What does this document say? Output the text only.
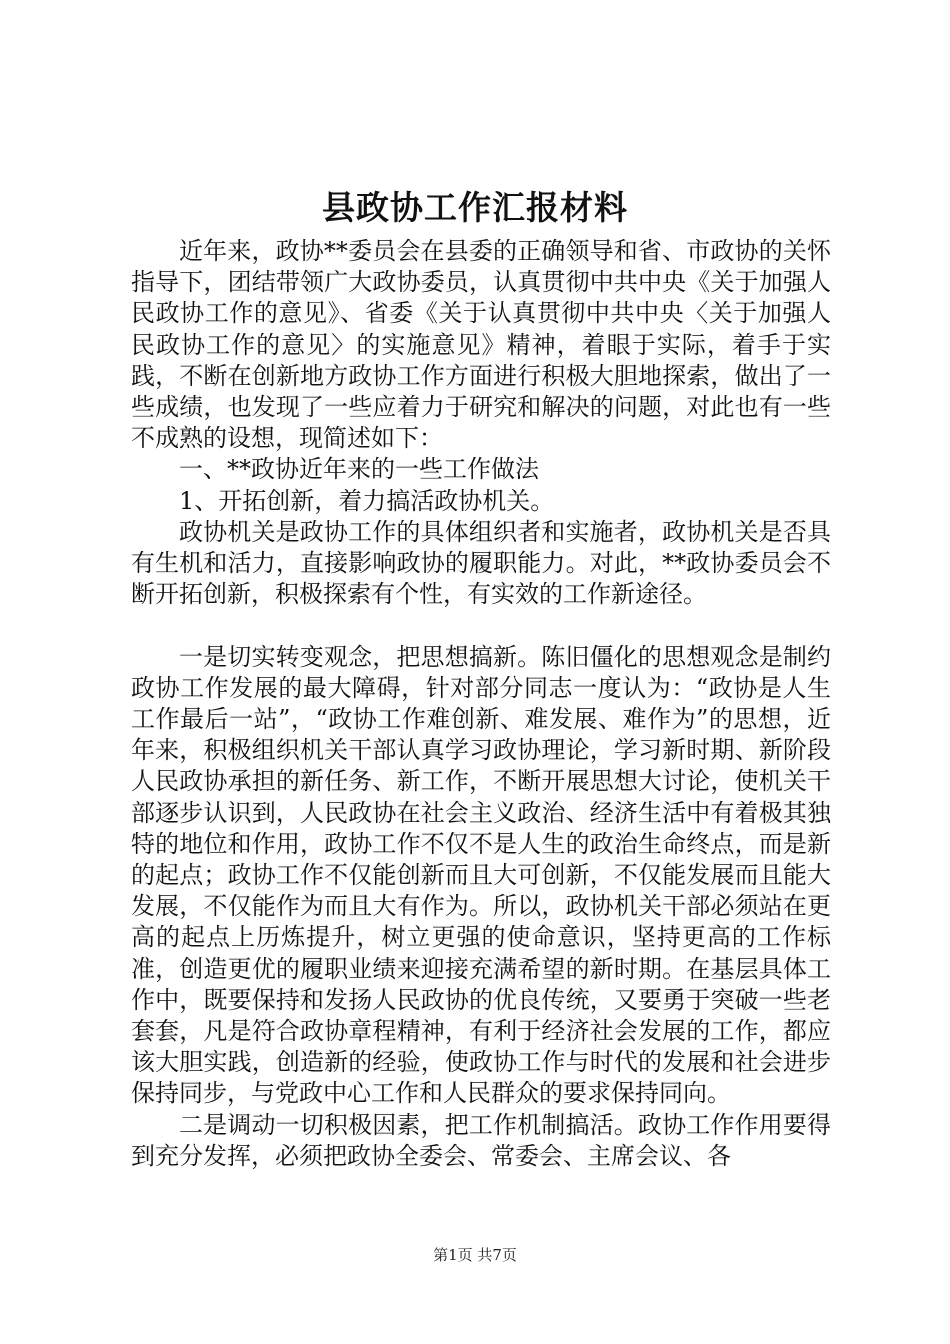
县政协工作汇报材料

近年来，政协**委员会在县委的正确领导和省、市政协的关怀指导下，团结带领广大政协委员，认真贯彻中共中央《关于加强人民政协工作的意见》、省委《关于认真贯彻中共中央〈关于加强人民政协工作的意见〉的实施意见》精神，着眼于实际，着手于实践，不断在创新地方政协工作方面进行积极大胆地探索，做出了一些成绩，也发现了一些应着力于研究和解决的问题，对此也有一些不成熟的设想，现简述如下：

一、**政协近年来的一些工作做法

1、开拓创新，着力搞活政协机关。

政协机关是政协工作的具体组织者和实施者，政协机关是否具有生机和活力，直接影响政协的履职能力。对此，**政协委员会不断开拓创新，积极探索有个性，有实效的工作新途径。

一是切实转变观念，把思想搞新。陈旧僵化的思想观念是制约政协工作发展的最大障碍，针对部分同志一度认为：“政协是人生工作最后一站”，“政协工作难创新、难发展、难作为”的思想，近年来，积极组织机关干部认真学习政协理论，学习新时期、新阶段人民政协承担的新任务、新工作，不断开展思想大讨论，使机关干部逐步认识到，人民政协在社会主义政治、经济生活中有着极其独特的地位和作用，政协工作不仅不是人生的政治生命终点，而是新的起点；政协工作不仅能创新而且大可创新，不仅能发展而且能大发展，不仅能作为而且大有作为。所以，政协机关干部必须站在更高的起点上历炼提升，树立更强的使命意识，坚持更高的工作标准，创造更优的履职业绩来迎接充满希望的新时期。在基层具体工作中，既要保持和发扬人民政协的优良传统，又要勇于突破一些老套套，凡是符合政协章程精神，有利于经济社会发展的工作，都应该大胆实践，创造新的经验，使政协工作与时代的发展和社会进步保持同步，与党政中心工作和人民群众的要求保持同向。

二是调动一切积极因素，把工作机制搞活。政协工作作用要得到充分发挥，必须把政协全委会、常委会、主席会议、各

第1页 共7页
